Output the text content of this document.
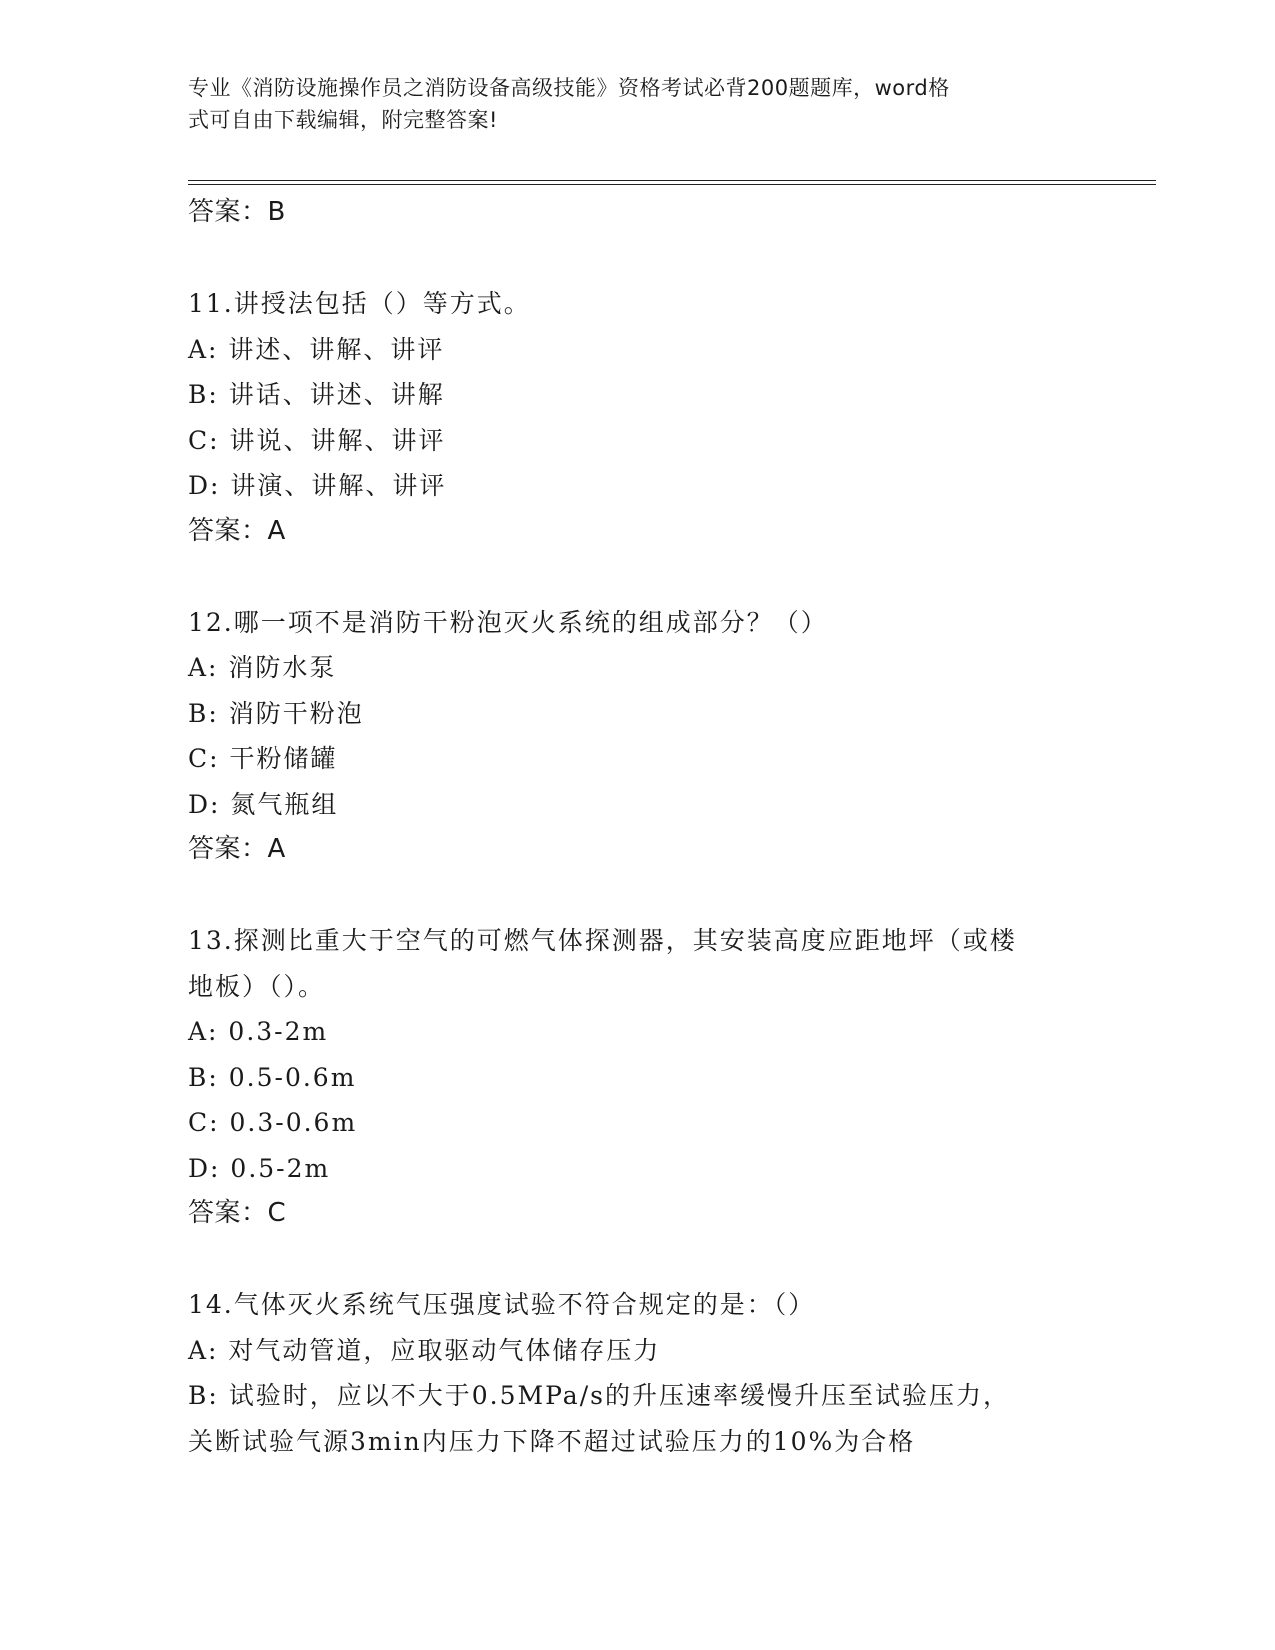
专业《消防设施操作员之消防设备高级技能》资格考试必背200题题库，word格
式可自由下载编辑，附完整答案!
答案：B
11.讲授法包括（）等方式。
A: 讲述、讲解、讲评
B: 讲话、讲述、讲解
C: 讲说、讲解、讲评
D: 讲演、讲解、讲评
答案：A
12.哪一项不是消防干粉泡灭火系统的组成部分？（）
A: 消防水泵
B: 消防干粉泡
C: 干粉储罐
D: 氮气瓶组
答案：A
13.探测比重大于空气的可燃气体探测器，其安装高度应距地坪（或楼
地板）（）。
A: 0.3-2m
B: 0.5-0.6m
C: 0.3-0.6m
D: 0.5-2m
答案：C
14.气体灭火系统气压强度试验不符合规定的是：（）
A: 对气动管道，应取驱动气体储存压力
B: 试验时，应以不大于0.5MPa/s的升压速率缓慢升压至试验压力，
关断试验气源3min内压力下降不超过试验压力的10%为合格
